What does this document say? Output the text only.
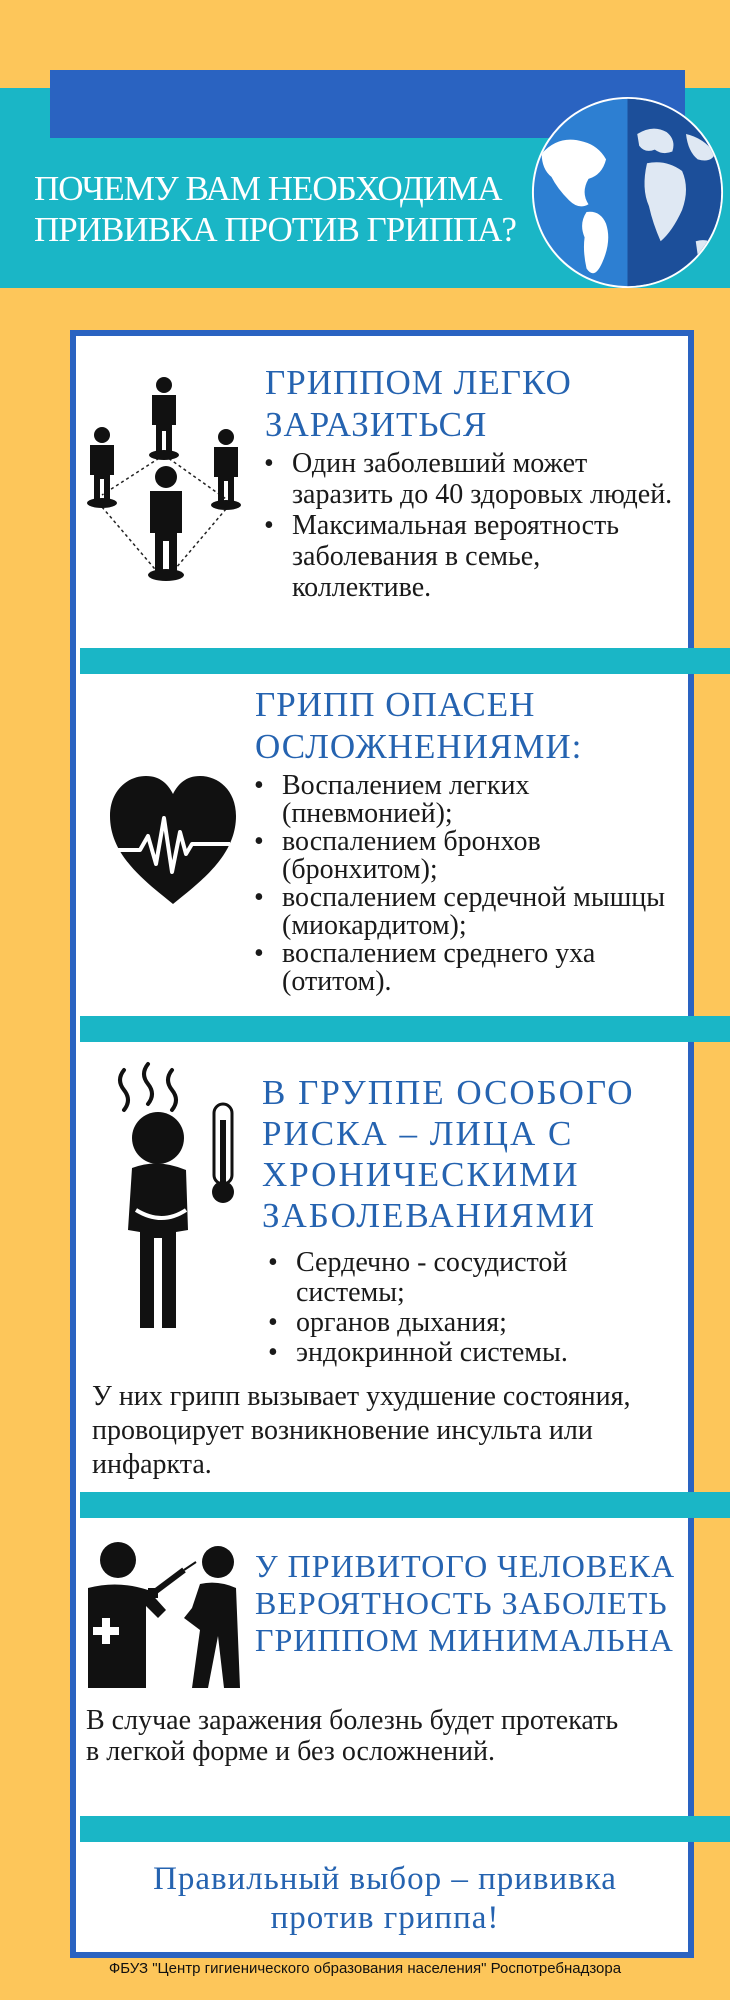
ПОЧЕМУ ВАМ НЕОБХОДИМА
ПРИВИВКА ПРОТИВ ГРИППА?
ГРИППОМ ЛЕГКО
ЗАРАЗИТЬСЯ
• Один заболевший может заразить до 40 здоровых людей.
• Максимальная вероятность заболевания в семье, коллективе.
ГРИПП ОПАСЕН
ОСЛОЖНЕНИЯМИ:
• Воспалением легких (пневмонией);
• воспалением бронхов (бронхитом);
• воспалением сердечной мышцы (миокардитом);
• воспалением среднего уха (отитом).
В ГРУППЕ ОСОБОГО
РИСКА – ЛИЦА С
ХРОНИЧЕСКИМИ
ЗАБОЛЕВАНИЯМИ
• Сердечно - сосудистой системы;
• органов дыхания;
• эндокринной системы.
У них грипп вызывает ухудшение состояния, провоцирует возникновение инсульта или инфаркта.
У ПРИВИТОГО ЧЕЛОВЕКА
ВЕРОЯТНОСТЬ ЗАБОЛЕТЬ
ГРИППОМ МИНИМАЛЬНА
В случае заражения болезнь будет протекать в легкой форме и без осложнений.
Правильный выбор – прививка
против гриппа!
ФБУЗ "Центр гигиенического образования населения" Роспотребнадзора
